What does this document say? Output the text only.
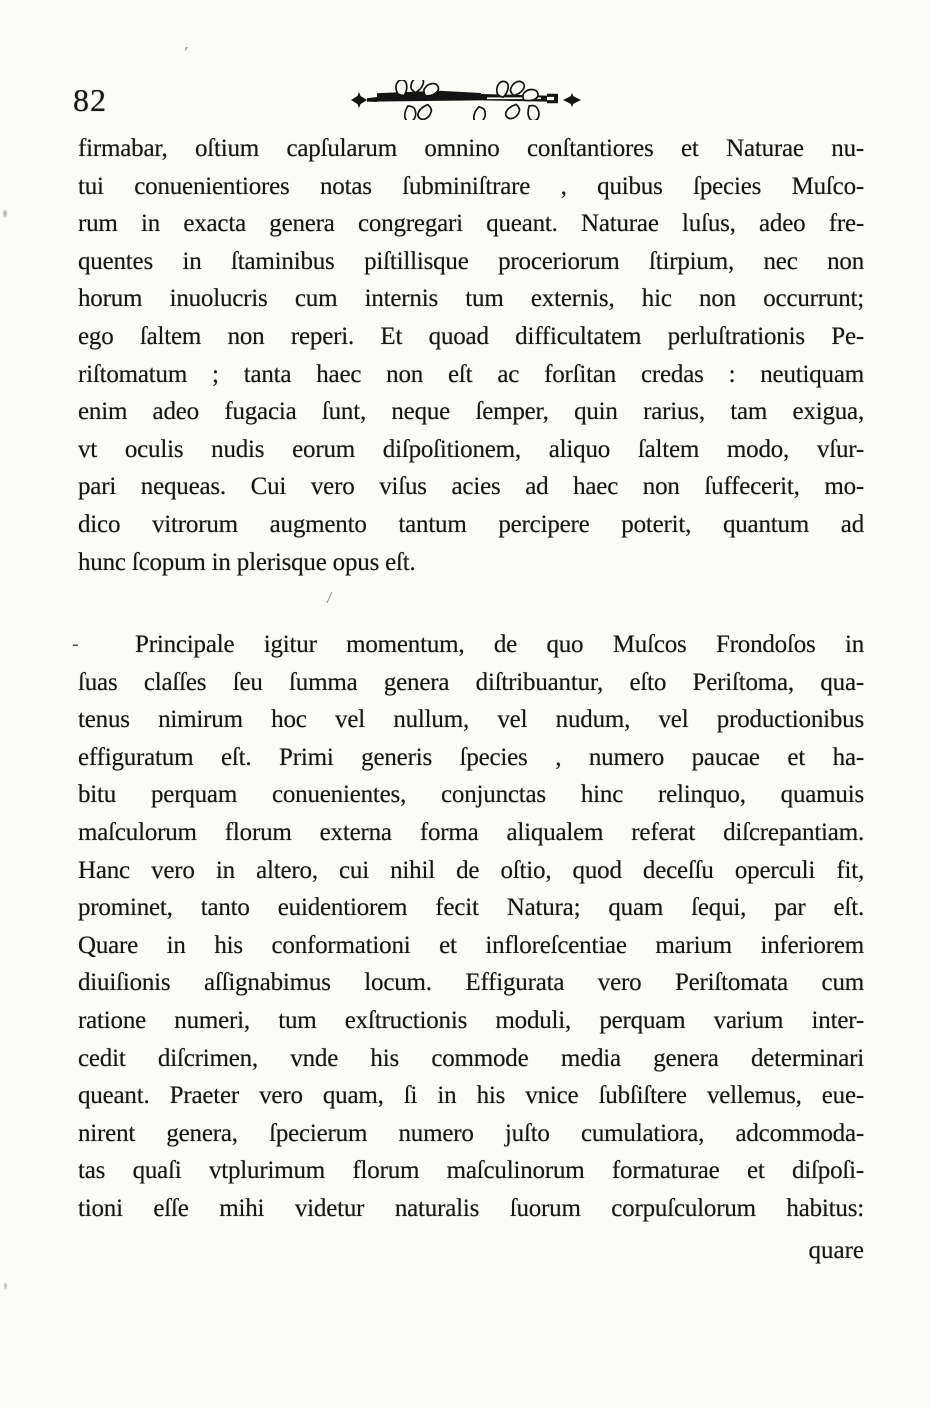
82
′
/
-
firmabar, oſtium capſularum omnino conſtantiores et Naturae nu-
tui conuenientiores notas ſubminiſtrare , quibus ſpecies Muſco-
rum in exacta genera congregari queant. Naturae luſus, adeo fre-
quentes in ſtaminibus piſtillisque proceriorum ſtirpium, nec non
horum inuolucris cum internis tum externis, hic non occurrunt;
ego ſaltem non reperi. Et quoad difficultatem perluſtrationis Pe-
riſtomatum ; tanta haec non eſt ac forſitan credas : neutiquam
enim adeo fugacia ſunt, neque ſemper, quin rarius, tam exigua,
vt oculis nudis eorum diſpoſitionem, aliquo ſaltem modo, vſur-
pari nequeas. Cui vero viſus acies ad haec non ſuffecerit, mo-
dico vitrorum augmento tantum percipere poterit, quantum ad
hunc ſcopum in plerisque opus eſt.
Principale igitur momentum, de quo Muſcos Frondoſos in
ſuas claſſes ſeu ſumma genera diſtribuantur, eſto Periſtoma, qua-
tenus nimirum hoc vel nullum, vel nudum, vel productionibus
effiguratum eſt. Primi generis ſpecies , numero paucae et ha-
bitu perquam conuenientes, conjunctas hinc relinquo, quamuis
maſculorum florum externa forma aliqualem referat diſcrepantiam.
Hanc vero in altero, cui nihil de oſtio, quod deceſſu operculi fit,
prominet, tanto euidentiorem fecit Natura; quam ſequi, par eſt.
Quare in his conformationi et infloreſcentiae marium inferiorem
diuiſionis aſſignabimus locum. Effigurata vero Periſtomata cum
ratione numeri, tum exſtructionis moduli, perquam varium inter-
cedit diſcrimen, vnde his commode media genera determinari
queant. Praeter vero quam, ſi in his vnice ſubſiſtere vellemus, eue-
nirent genera, ſpecierum numero juſto cumulatiora, adcommoda-
tas quaſi vtplurimum florum maſculinorum formaturae et diſpoſi-
tioni eſſe mihi videtur naturalis ſuorum corpuſculorum habitus:
quare
